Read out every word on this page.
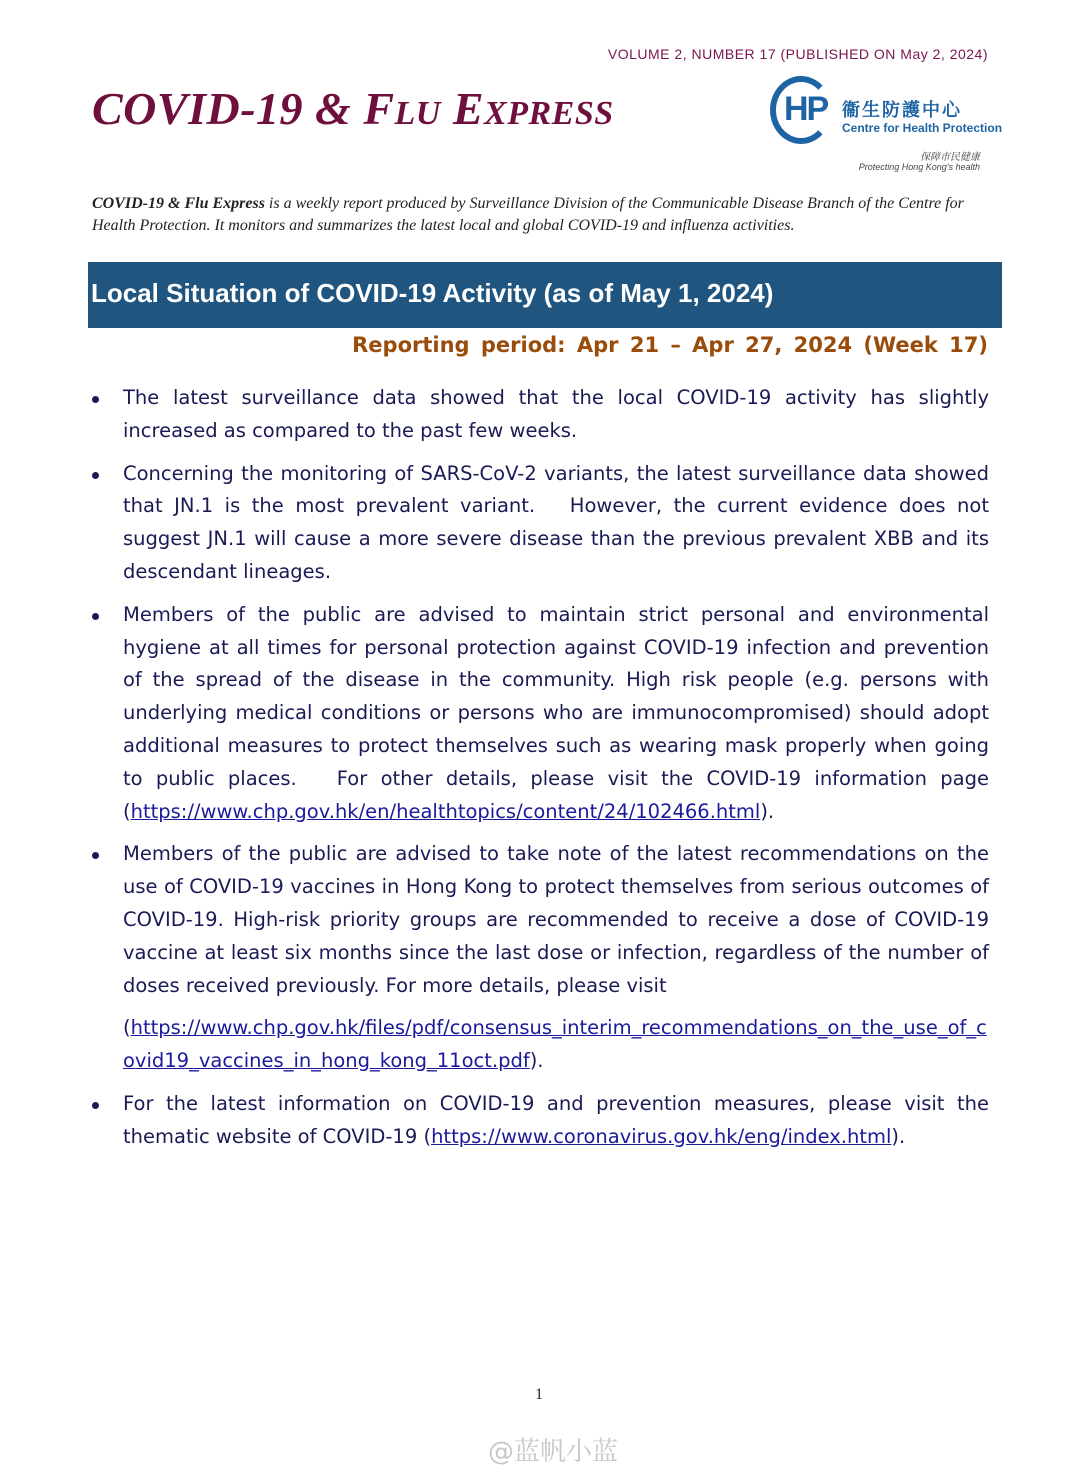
VOLUME 2, NUMBER 17 (PUBLISHED ON May 2, 2024)
COVID-19 & FLU EXPRESS	HP 衞生防護中心
Centre for Health Protection
保障市民健康
Protecting Hong Kong's health
COVID-19 & Flu Express is a weekly report produced by Surveillance Division of the Communicable Disease Branch of the Centre for Health Protection. It monitors and summarizes the latest local and global COVID-19 and influenza activities.
Local Situation of COVID-19 Activity (as of May 1, 2024)
Reporting period: Apr 21 – Apr 27, 2024 (Week 17)
The latest surveillance data showed that the local COVID-19 activity has slightly increased as compared to the past few weeks.
Concerning the monitoring of SARS-CoV-2 variants, the latest surveillance data showed that JN.1 is the most prevalent variant.   However, the current evidence does not suggest JN.1 will cause a more severe disease than the previous prevalent XBB and its descendant lineages.
Members of the public are advised to maintain strict personal and environmental hygiene at all times for personal protection against COVID-19 infection and prevention of the spread of the disease in the community. High risk people (e.g. persons with underlying medical conditions or persons who are immunocompromised) should adopt additional measures to protect themselves such as wearing mask properly when going to public places.   For other details, please visit the COVID-19 information page (https://www.chp.gov.hk/en/healthtopics/content/24/102466.html).
Members of the public are advised to take note of the latest recommendations on the use of COVID-19 vaccines in Hong Kong to protect themselves from serious outcomes of COVID-19. High-risk priority groups are recommended to receive a dose of COVID-19 vaccine at least six months since the last dose or infection, regardless of the number of doses received previously. For more details, please visit
(https://www.chp.gov.hk/files/pdf/consensus_interim_recommendations_on_the_use_of_covid19_vaccines_in_hong_kong_11oct.pdf).
For the latest information on COVID-19 and prevention measures, please visit the thematic website of COVID-19 (https://www.coronavirus.gov.hk/eng/index.html).
1
@蓝帆小蓝
